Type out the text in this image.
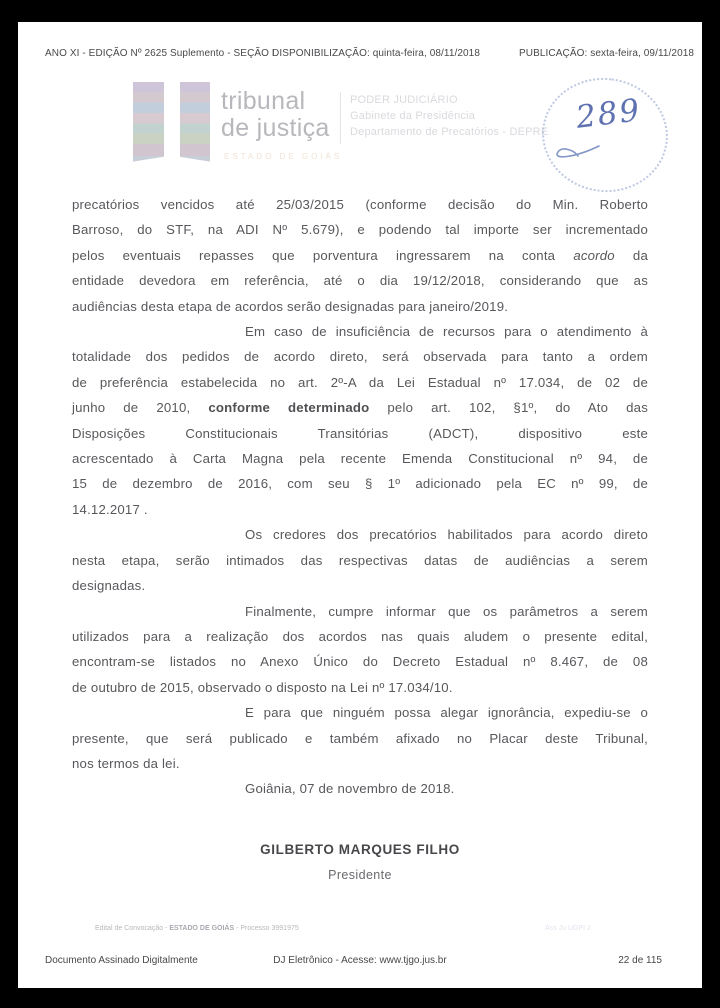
ANO XI - EDIÇÃO Nº 2625 Suplemento - SEÇÃO I
DISPONIBILIZAÇÃO: quinta-feira, 08/11/2018	PUBLICAÇÃO: sexta-feira, 09/11/2018
tribunal
de justiça
PODER JUDICIÁRIO
Gabinete da Presidência
Departamento de Precatórios - DEPRE
ESTADO DE GOIÁS
289
precatórios vencidos até 25/03/2015 (conforme decisão do Min. Roberto
Barroso, do STF, na ADI Nº 5.679), e podendo tal importe ser incrementado
pelos eventuais repasses que porventura ingressarem na conta acordo da
entidade devedora em referência, até o dia 19/12/2018, considerando que as
audiências desta etapa de acordos serão designadas para janeiro/2019.
Em caso de insuficiência de recursos para o atendimento à
totalidade dos pedidos de acordo direto, será observada para tanto a ordem
de preferência estabelecida no art. 2º-A da Lei Estadual nº 17.034, de 02 de
junho de 2010, conforme determinado pelo art. 102, §1º, do Ato das
Disposições Constitucionais Transitórias (ADCT), dispositivo este
acrescentado à Carta Magna pela recente Emenda Constitucional nº 94, de
15 de dezembro de 2016, com seu § 1º adicionado pela EC nº 99, de
14.12.2017 .
Os credores dos precatórios habilitados para acordo direto
nesta etapa, serão intimados das respectivas datas de audiências a serem
designadas.
Finalmente, cumpre informar que os parâmetros a serem
utilizados para a realização dos acordos nas quais aludem o presente edital,
encontram-se listados no Anexo Único do Decreto Estadual nº 8.467, de 08
de outubro de 2015, observado o disposto na Lei nº 17.034/10.
E para que ninguém possa alegar ignorância, expediu-se o
presente, que será publicado e também afixado no Placar deste Tribunal,
nos termos da lei.
Goiânia, 07 de novembro de 2018.
GILBERTO MARQUES FILHO
Presidente
Edital de Convocação - ESTADO DE GOIÁS - Processo 3991975	Ass Ju UGPI 2
Documento Assinado Digitalmente	DJ Eletrônico - Acesse: www.tjgo.jus.br	22 de 115
